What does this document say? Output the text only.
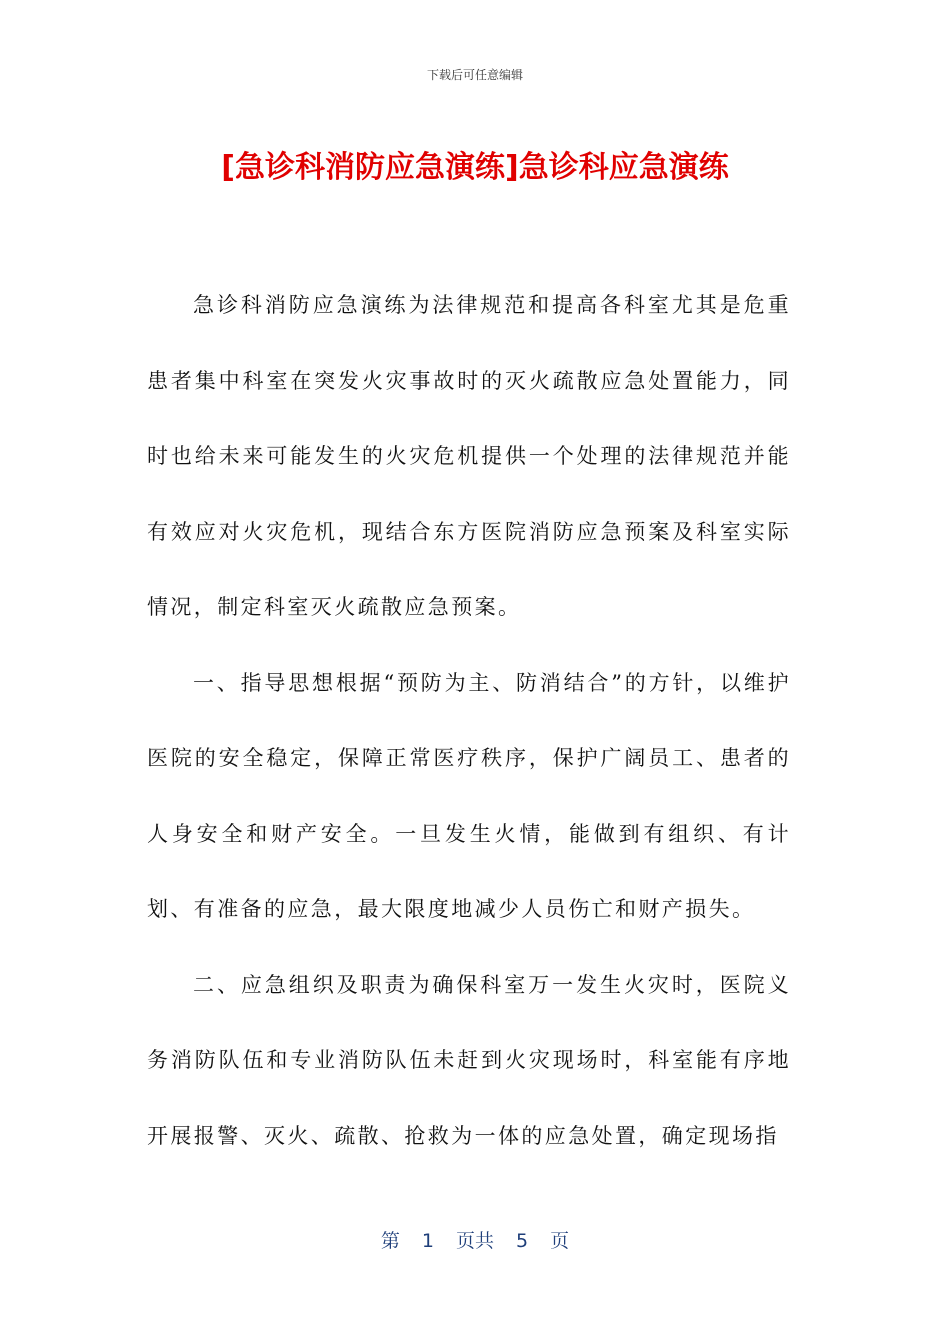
下载后可任意编辑
[急诊科消防应急演练]急诊科应急演练

急诊科消防应急演练为法律规范和提高各科室尤其是危重患者集中科室在突发火灾事故时的灭火疏散应急处置能力，同时也给未来可能发生的火灾危机提供一个处理的法律规范并能有效应对火灾危机，现结合东方医院消防应急预案及科室实际情况，制定科室灭火疏散应急预案。

一、指导思想根据“预防为主、防消结合”的方针，以维护医院的安全稳定，保障正常医疗秩序，保护广阔员工、患者的人身安全和财产安全。一旦发生火情，能做到有组织、有计划、有准备的应急，最大限度地减少人员伤亡和财产损失。

二、应急组织及职责为确保科室万一发生火灾时，医院义务消防队伍和专业消防队伍未赶到火灾现场时，科室能有序地开展报警、灭火、疏散、抢救为一体的应急处置，确定现场指

第 1 页共 5 页
